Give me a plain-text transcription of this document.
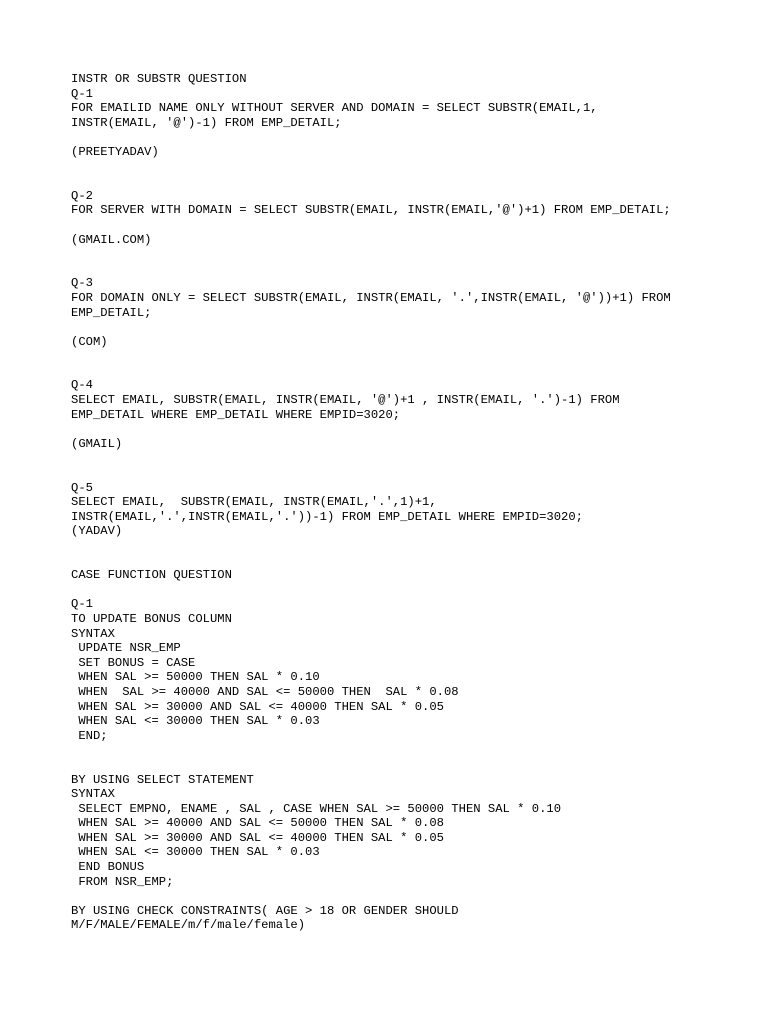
INSTR OR SUBSTR QUESTION
Q-1
FOR EMAILID NAME ONLY WITHOUT SERVER AND DOMAIN = SELECT SUBSTR(EMAIL,1,
INSTR(EMAIL, '@')-1) FROM EMP_DETAIL;
(PREETYADAV)
Q-2
FOR SERVER WITH DOMAIN = SELECT SUBSTR(EMAIL, INSTR(EMAIL,'@')+1) FROM EMP_DETAIL;
(GMAIL.COM)
Q-3
FOR DOMAIN ONLY = SELECT SUBSTR(EMAIL, INSTR(EMAIL, '.',INSTR(EMAIL, '@'))+1) FROM
EMP_DETAIL;
(COM)
Q-4
SELECT EMAIL, SUBSTR(EMAIL, INSTR(EMAIL, '@')+1 , INSTR(EMAIL, '.')-1) FROM
EMP_DETAIL WHERE EMP_DETAIL WHERE EMPID=3020;
(GMAIL)
Q-5
SELECT EMAIL,  SUBSTR(EMAIL, INSTR(EMAIL,'.',1)+1,
INSTR(EMAIL,'.',INSTR(EMAIL,'.'))-1) FROM EMP_DETAIL WHERE EMPID=3020;
(YADAV)
CASE FUNCTION QUESTION
Q-1
TO UPDATE BONUS COLUMN
SYNTAX
UPDATE NSR_EMP
SET BONUS = CASE
WHEN SAL >= 50000 THEN SAL * 0.10
WHEN  SAL >= 40000 AND SAL <= 50000 THEN  SAL * 0.08
WHEN SAL >= 30000 AND SAL <= 40000 THEN SAL * 0.05
WHEN SAL <= 30000 THEN SAL * 0.03
END;
BY USING SELECT STATEMENT
SYNTAX
SELECT EMPNO, ENAME , SAL , CASE WHEN SAL >= 50000 THEN SAL * 0.10
WHEN SAL >= 40000 AND SAL <= 50000 THEN SAL * 0.08
WHEN SAL >= 30000 AND SAL <= 40000 THEN SAL * 0.05
WHEN SAL <= 30000 THEN SAL * 0.03
END BONUS
FROM NSR_EMP;
BY USING CHECK CONSTRAINTS( AGE > 18 OR GENDER SHOULD
M/F/MALE/FEMALE/m/f/male/female)
